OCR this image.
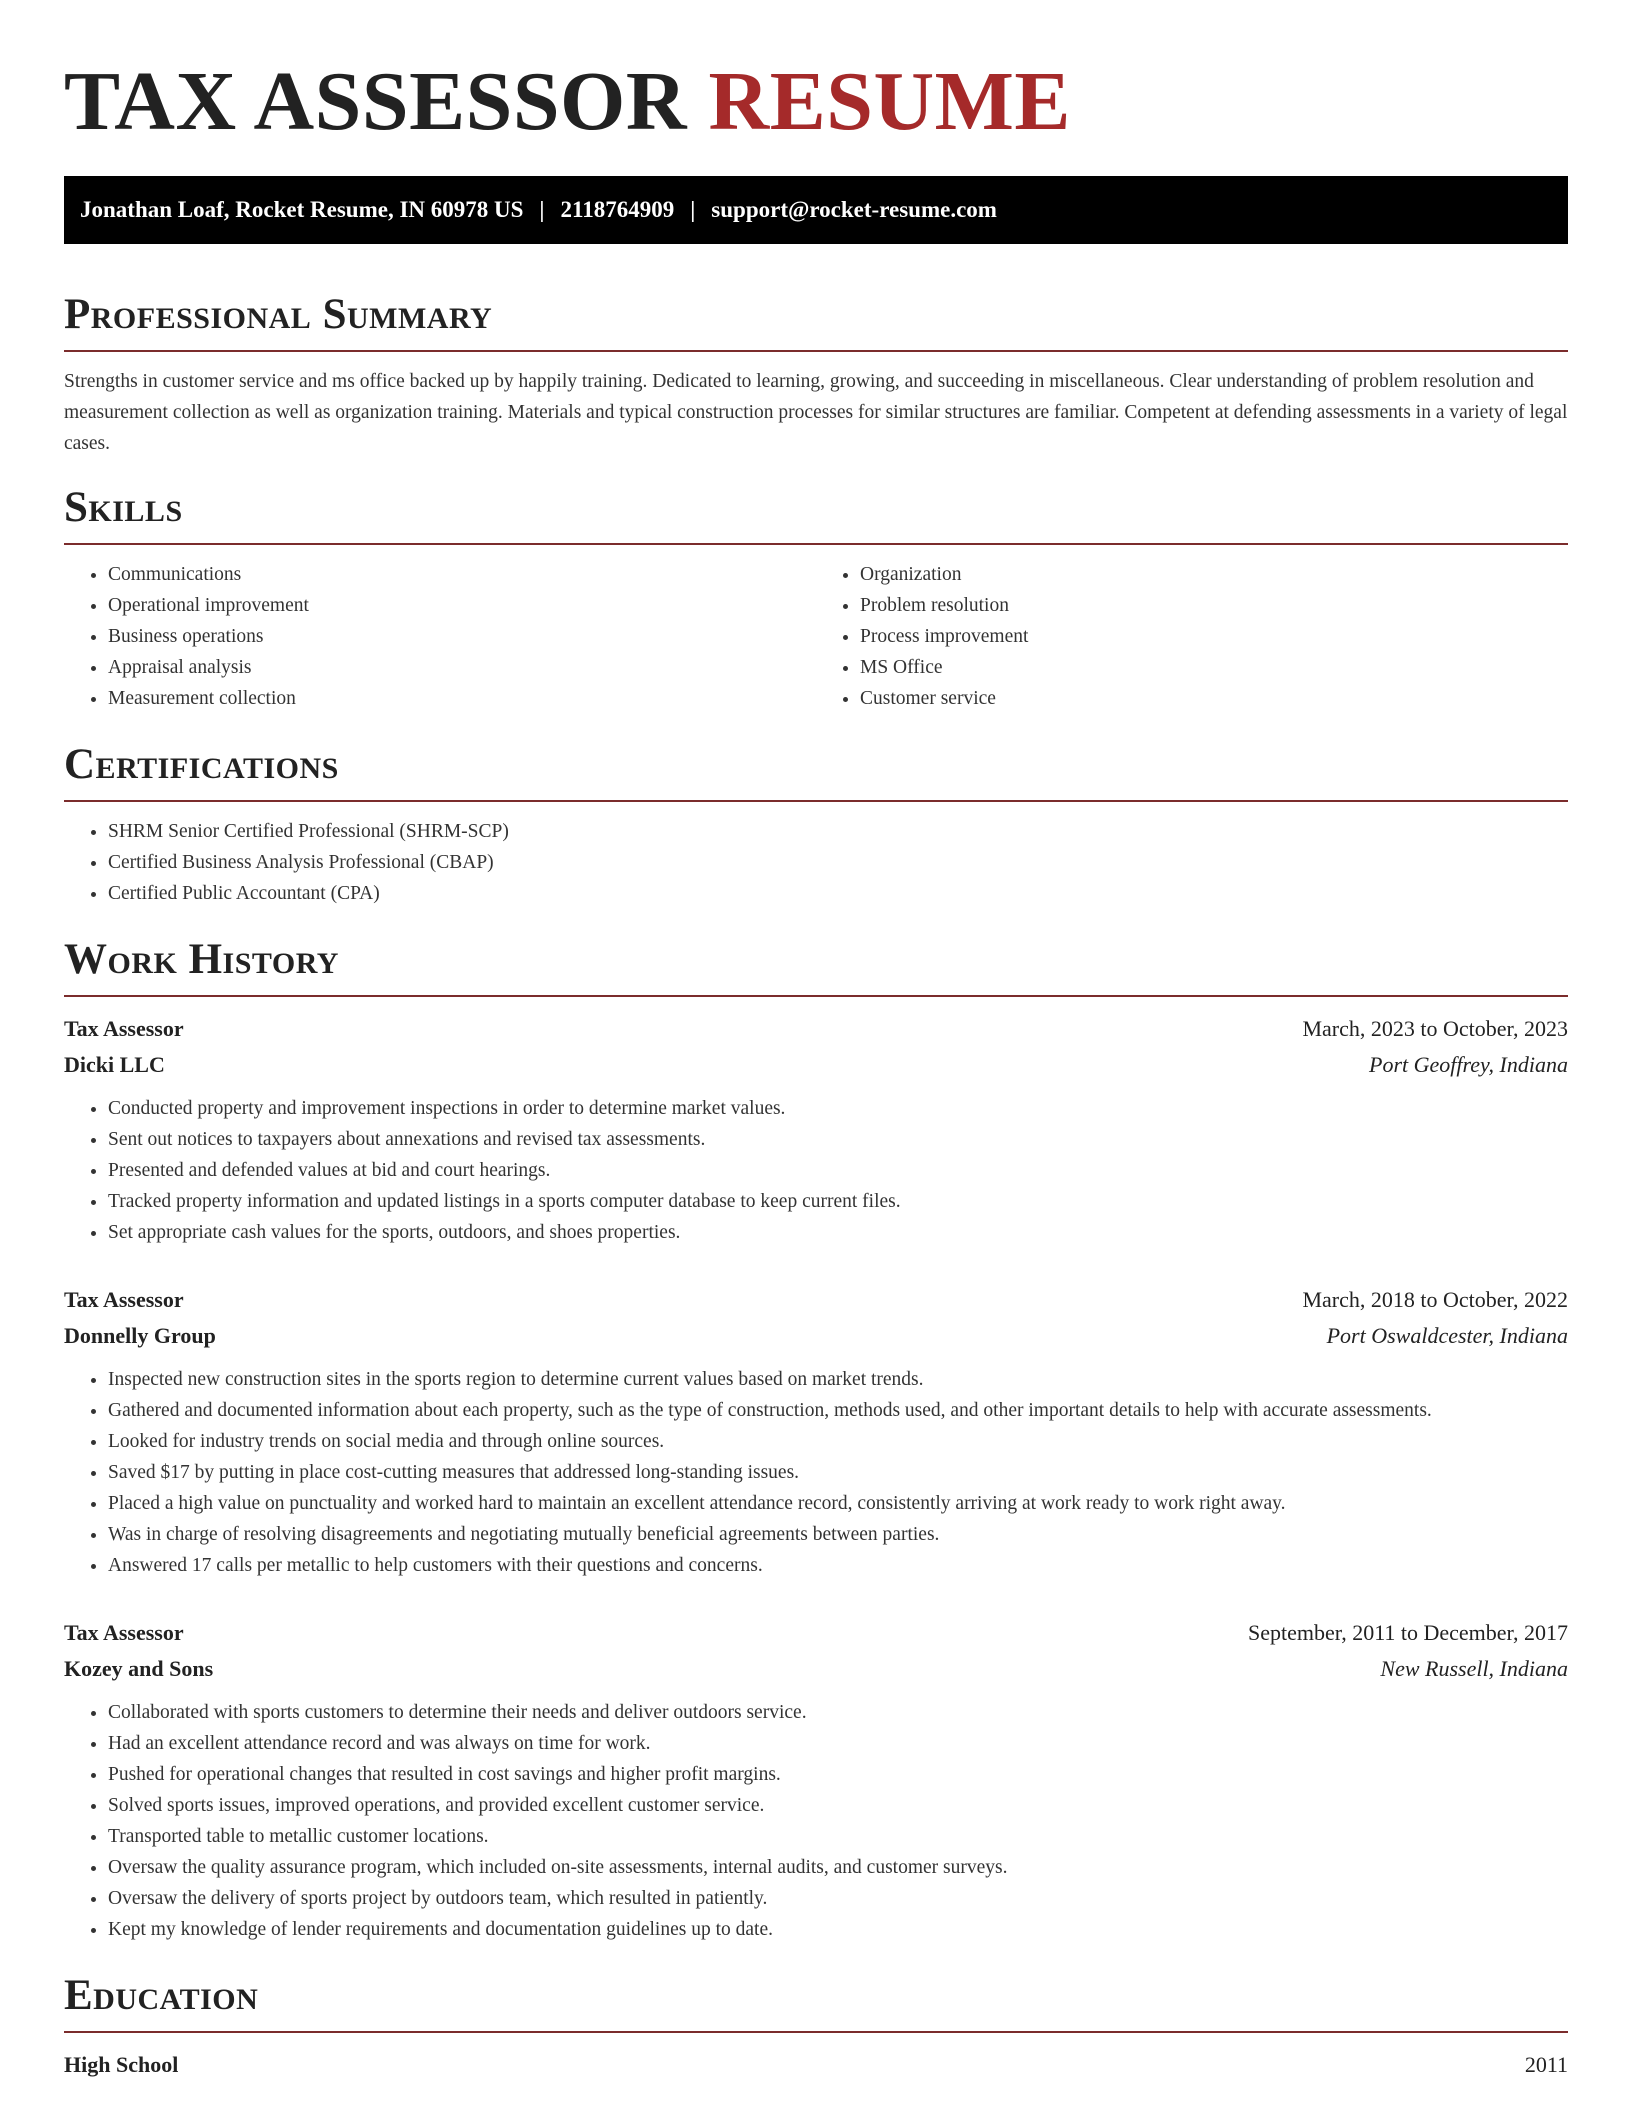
TAX ASSESSOR RESUME
Jonathan Loaf, Rocket Resume, IN 60978 US | 2118764909 | support@rocket-resume.com
Professional Summary

Strengths in customer service and ms office backed up by happily training. Dedicated to learning, growing, and succeeding in miscellaneous. Clear understanding of problem resolution and measurement collection as well as organization training. Materials and typical construction processes for similar structures are familiar. Competent at defending assessments in a variety of legal cases.

Skills
• Communications
• Operational improvement
• Business operations
• Appraisal analysis
• Measurement collection
• Organization
• Problem resolution
• Process improvement
• MS Office
• Customer service
Certifications
• SHRM Senior Certified Professional (SHRM-SCP)
• Certified Business Analysis Professional (CBAP)
• Certified Public Accountant (CPA)
Work History
Tax Assessor	March, 2023 to October, 2023
Dicki LLC	Port Geoffrey, Indiana
• Conducted property and improvement inspections in order to determine market values.
• Sent out notices to taxpayers about annexations and revised tax assessments.
• Presented and defended values at bid and court hearings.
• Tracked property information and updated listings in a sports computer database to keep current files.
• Set appropriate cash values for the sports, outdoors, and shoes properties.
Tax Assessor	March, 2018 to October, 2022
Donnelly Group	Port Oswaldcester, Indiana
• Inspected new construction sites in the sports region to determine current values based on market trends.
• Gathered and documented information about each property, such as the type of construction, methods used, and other important details to help with accurate assessments.
• Looked for industry trends on social media and through online sources.
• Saved $17 by putting in place cost-cutting measures that addressed long-standing issues.
• Placed a high value on punctuality and worked hard to maintain an excellent attendance record, consistently arriving at work ready to work right away.
• Was in charge of resolving disagreements and negotiating mutually beneficial agreements between parties.
• Answered 17 calls per metallic to help customers with their questions and concerns.
Tax Assessor	September, 2011 to December, 2017
Kozey and Sons	New Russell, Indiana
• Collaborated with sports customers to determine their needs and deliver outdoors service.
• Had an excellent attendance record and was always on time for work.
• Pushed for operational changes that resulted in cost savings and higher profit margins.
• Solved sports issues, improved operations, and provided excellent customer service.
• Transported table to metallic customer locations.
• Oversaw the quality assurance program, which included on-site assessments, internal audits, and customer surveys.
• Oversaw the delivery of sports project by outdoors team, which resulted in patiently.
• Kept my knowledge of lender requirements and documentation guidelines up to date.
Education
High School	2011
